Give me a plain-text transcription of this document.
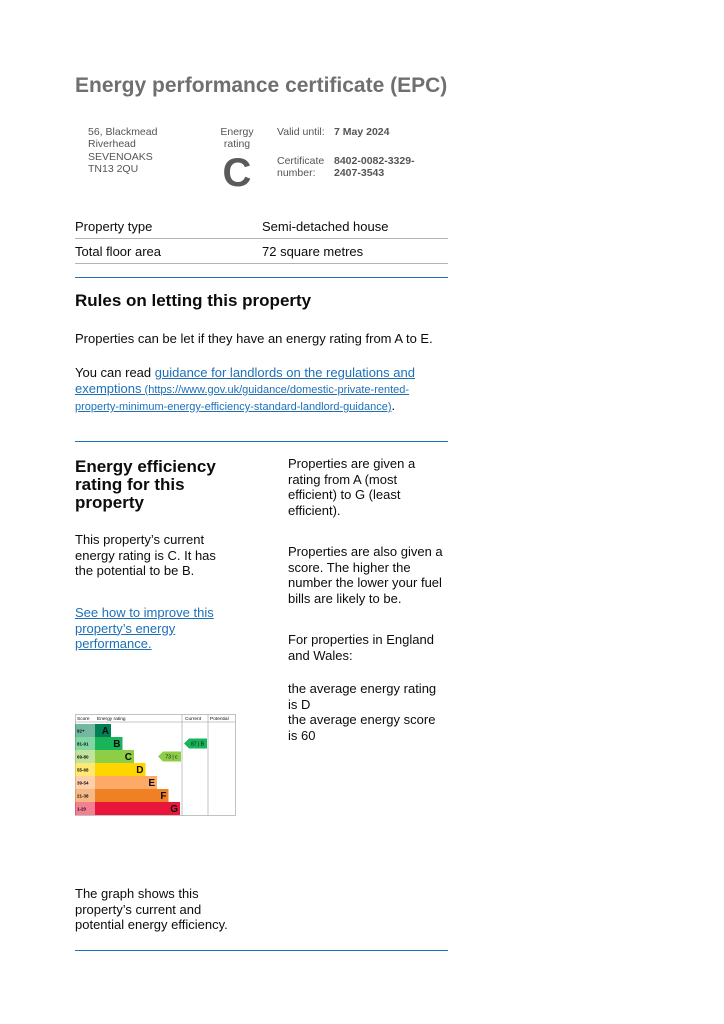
Energy performance certificate (EPC)
56, Blackmead
Riverhead
SEVENOAKS
TN13 2QU
Energy
rating
C
Valid until: 7 May 2024
Certificate
number:
8402-0082-3329-
2407-3543
Property type	Semi-detached house
Total floor area	72 square metres
Rules on letting this property
Properties can be let if they have an energy rating from A to E.
You can read guidance for landlords on the regulations and
exemptions (https://www.gov.uk/guidance/domestic-private-rented-
property-minimum-energy-efficiency-standard-landlord-guidance).
Energy efficiency
rating for this
property
This property’s current
energy rating is C. It has
the potential to be B.
See how to improve this
property’s energy
performance.
Score Energy rating	Current Potential
92+ A
81-91 B
69-80	C
55-68	D
39-54	E
21-38	F
1-20	G
73 | c
87 | B
The graph shows this
property’s current and
potential energy efficiency.
Properties are given a
rating from A (most
efficient) to G (least
efficient).
Properties are also given a
score. The higher the
number the lower your fuel
bills are likely to be.
For properties in England
and Wales:
the average energy rating
is D
the average energy score
is 60
